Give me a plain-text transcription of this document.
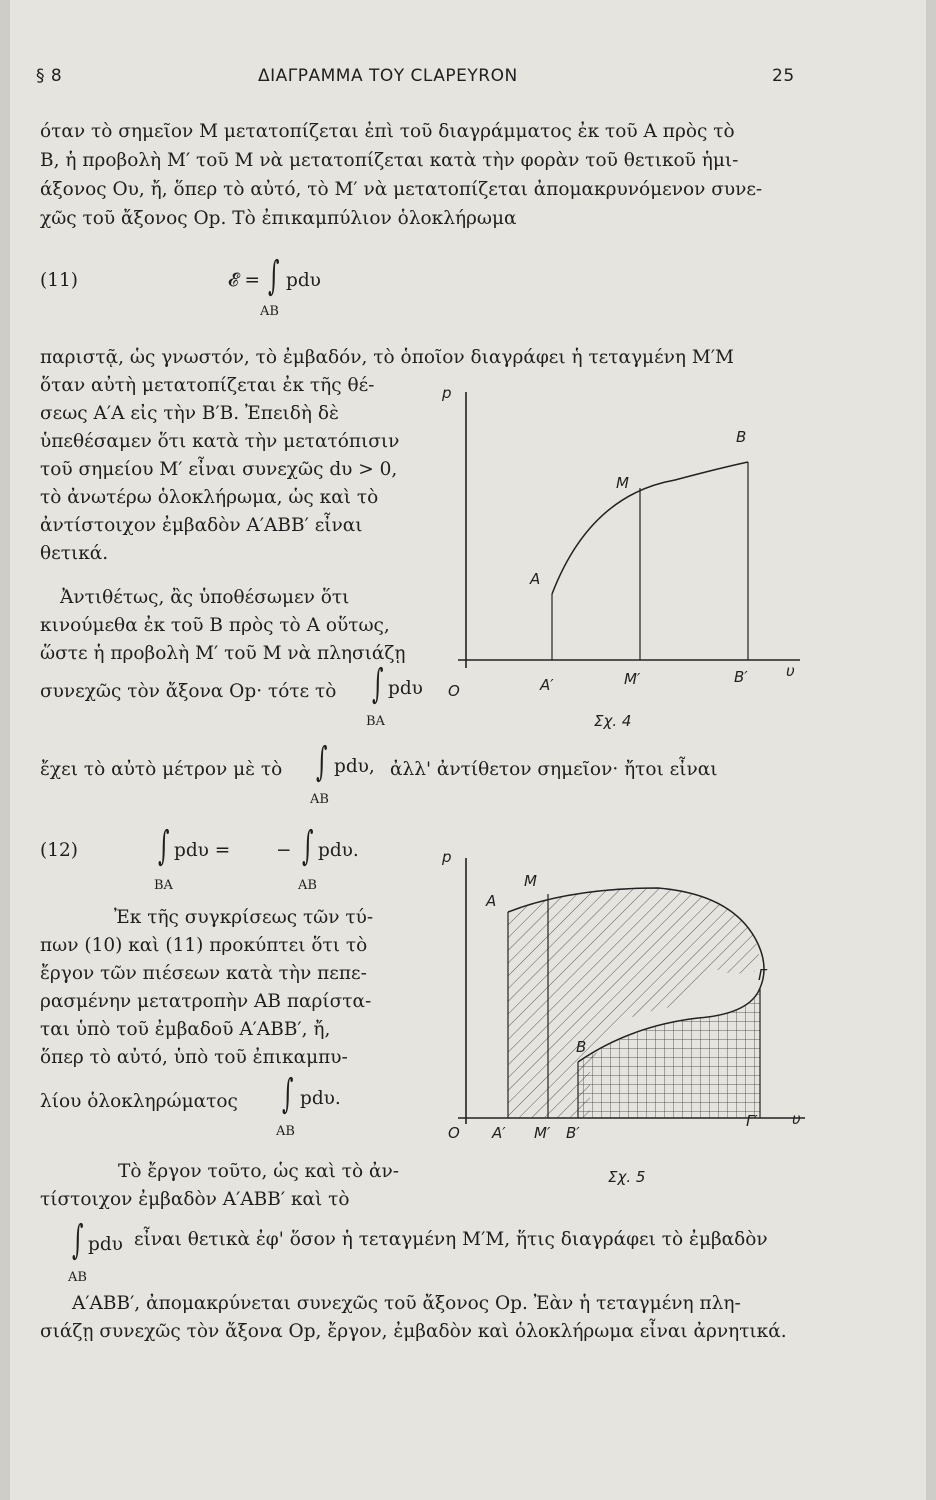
§ 8	ΔΙΑΓΡΑΜΜΑ ΤΟΥ CLAPEYRON	25
όταν τὸ σημεῖον Μ μετατοπίζεται ἐπὶ τοῦ διαγράμματος ἐκ τοῦ Α πρὸς τὸ
Β, ἡ προβολὴ Μ′ τοῦ Μ νὰ μετατοπίζεται κατὰ τὴν φορὰν τοῦ θετικοῦ ἡμι-
άξονος Ου, ἤ, ὅπερ τὸ αὐτό, τὸ Μ′ νὰ μετατοπίζεται ἀπομακρυνόμενον συνε-
χῶς τοῦ ἄξονος Op. Τὸ ἐπικαμπύλιον ὁλοκλήρωμα
(11)	𝓔 = ∫ pdυ
AB
παριστᾷ, ὡς γνωστόν, τὸ ἐμβαδόν, τὸ ὁποῖον διαγράφει ἡ τεταγμένη Μ′Μ
ὅταν αὐτὴ μετατοπίζεται ἐκ τῆς θέ-
σεως Α′Α εἰς τὴν Β′Β. Ἐπειδὴ δὲ
ὑπεθέσαμεν ὅτι κατὰ τὴν μετατόπισιν
τοῦ σημείου Μ′ εἶναι συνεχῶς dυ > 0,
τὸ ἀνωτέρω ὁλοκλήρωμα, ὡς καὶ τὸ
ἀντίστοιχον ἐμβαδὸν Α′ΑΒΒ′ εἶναι
θετικά.
Ἀντιθέτως, ἂς ὑποθέσωμεν ὅτι
κινούμεθα ἐκ τοῦ Β πρὸς τὸ Α οὕτως,
ὥστε ἡ προβολὴ Μ′ τοῦ Μ νὰ πλησιάζῃ
συνεχῶς τὸν ἄξονα Op· τότε τὸ ∫ pdυ
BA
ἔχει τὸ αὐτὸ μέτρον μὲ τὸ ∫ pdυ,
AB
ἀλλ' ἀντίθετον σημεῖον· ἤτοι εἶναι
(12) ∫ pdυ =
BA
− ∫ pdυ.
AB
Ἐκ τῆς συγκρίσεως τῶν τύ-
πων (10) καὶ (11) προκύπτει ὅτι τὸ
ἔργον τῶν πιέσεων κατὰ τὴν πεπε-
ρασμένην μετατροπὴν ΑΒ παρίστα-
ται ὑπὸ τοῦ ἐμβαδοῦ Α′ΑΒΒ′, ἤ,
ὅπερ τὸ αὐτό, ὑπὸ τοῦ ἐπικαμπυ-
λίου ὁλοκληρώματος ∫ pdυ.
AB
Τὸ ἔργον τοῦτο, ὡς καὶ τὸ ἀν-
τίστοιχον ἐμβαδὸν Α′ΑΒΒ′ καὶ τὸ
∫ pdυ
AB
εἶναι θετικὰ ἐφ' ὅσον ἡ τεταγμένη Μ′Μ, ἥτις διαγράφει τὸ ἐμβαδὸν
Α′ΑΒΒ′, ἀπομακρύνεται συνεχῶς τοῦ ἄξονος Op. Ἐὰν ἡ τεταγμένη πλη-
σιάζῃ συνεχῶς τὸν ἄξονα Op, ἔργον, ἐμβαδὸν καὶ ὁλοκλήρωμα εἶναι ἀρνητικά.
p
υ
O
A
B
M
A′	M′	B′
Σχ. 4
p
υ
O
A
M
B
Γ
A′ M′ B′
Γ′
Σχ. 5
